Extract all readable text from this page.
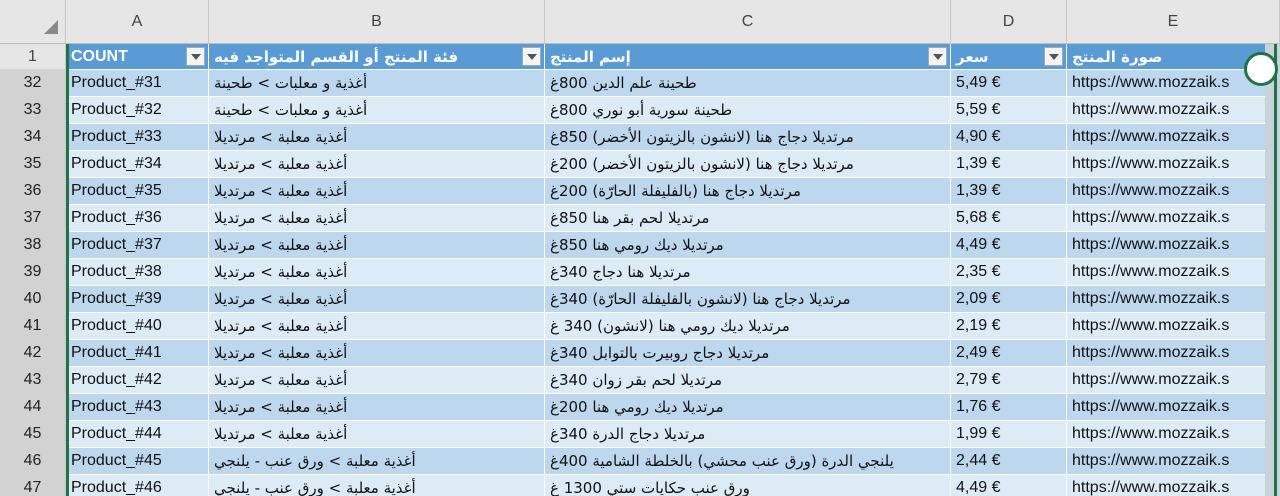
A	B	C	D	E
1	COUNT	فئة المنتج أو القسم المتواجد فيه	إسم المنتج	سعر	صورة المنتج
32	Product_#31	أغذية و معلبات > طحينة	طحينة علم الدين 800غ	5,49 €	https://www.mozzaik.s
33	Product_#32	أغذية و معلبات > طحينة	طحينة سورية أبو نوري 800غ	5,59 €	https://www.mozzaik.s
34	Product_#33	أغذية معلبة > مرتديلا	مرتديلا دجاج هنا (لانشون بالزيتون الأخضر) 850غ	4,90 €	https://www.mozzaik.s
35	Product_#34	أغذية معلبة > مرتديلا	مرتديلا دجاج هنا (لانشون بالزيتون الأخضر) 200غ	1,39 €	https://www.mozzaik.s
36	Product_#35	أغذية معلبة > مرتديلا	مرتديلا دجاج هنا (بالفليفلة الحارّة) 200غ	1,39 €	https://www.mozzaik.s
37	Product_#36	أغذية معلبة > مرتديلا	مرتديلا لحم بقر هنا 850غ	5,68 €	https://www.mozzaik.s
38	Product_#37	أغذية معلبة > مرتديلا	مرتديلا ديك رومي هنا 850غ	4,49 €	https://www.mozzaik.s
39	Product_#38	أغذية معلبة > مرتديلا	مرتديلا هنا دجاج 340غ	2,35 €	https://www.mozzaik.s
40	Product_#39	أغذية معلبة > مرتديلا	مرتديلا دجاج هنا (لانشون بالفليفلة الحارّة) 340غ	2,09 €	https://www.mozzaik.s
41	Product_#40	أغذية معلبة > مرتديلا	مرتديلا ديك رومي هنا (لانشون) 340 غ	2,19 €	https://www.mozzaik.s
42	Product_#41	أغذية معلبة > مرتديلا	مرتديلا دجاج روبيرت بالتوابل 340غ	2,49 €	https://www.mozzaik.s
43	Product_#42	أغذية معلبة > مرتديلا	مرتديلا لحم بقر زوان 340غ	2,79 €	https://www.mozzaik.s
44	Product_#43	أغذية معلبة > مرتديلا	مرتديلا ديك رومي هنا 200غ	1,76 €	https://www.mozzaik.s
45	Product_#44	أغذية معلبة > مرتديلا	مرتديلا دجاج الدرة 340غ	1,99 €	https://www.mozzaik.s
46	Product_#45	أغذية معلبة > ورق عنب - يلنجي	يلنجي الدرة (ورق عنب محشي) بالخلطة الشامية 400غ	2,44 €	https://www.mozzaik.s
47	Product_#46	أغذية معلبة > ورق عنب - يلنجي	ورق عنب حكايات ستي 1300 غ	4,49 €	https://www.mozzaik.s
